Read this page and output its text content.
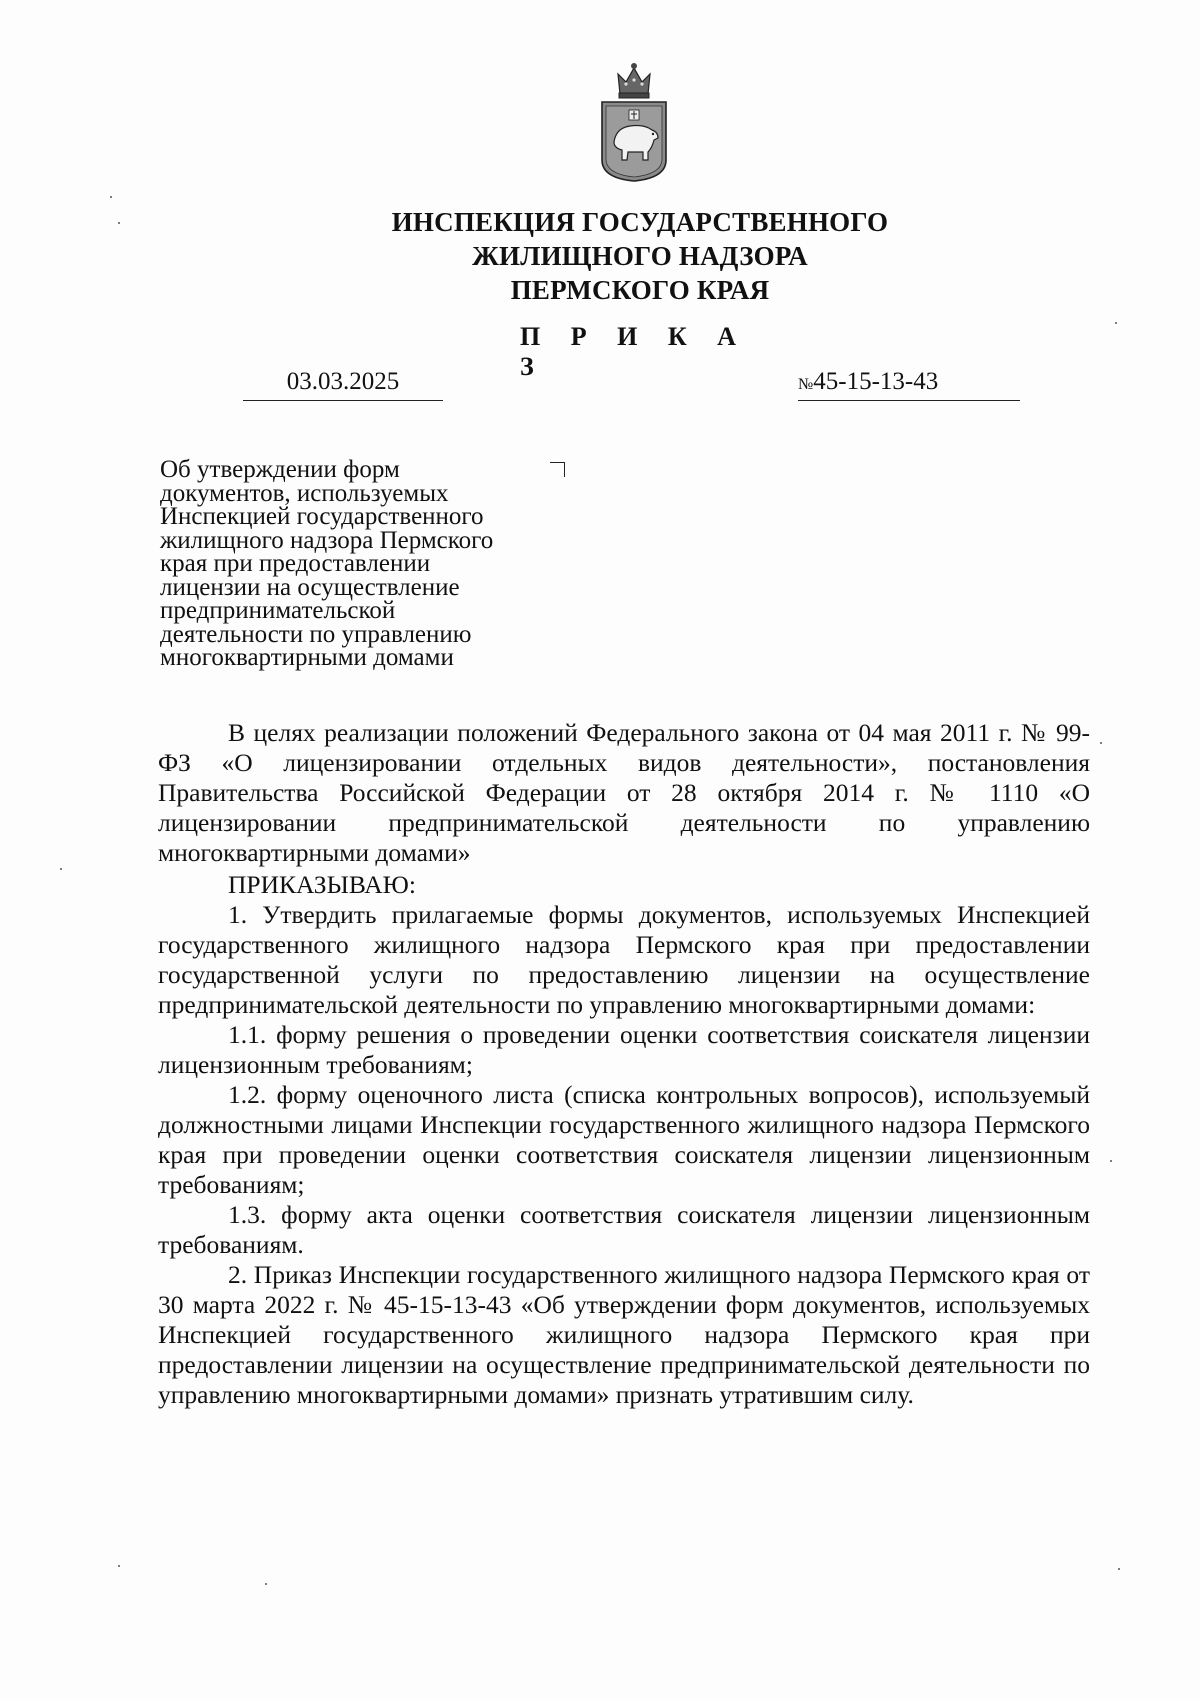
ИНСПЕКЦИЯ ГОСУДАРСТВЕННОГО
ЖИЛИЩНОГО НАДЗОРА
ПЕРМСКОГО КРАЯ
П Р И К А З
03.03.2025	№45-15-13-43
Об утверждении форм
документов, используемых
Инспекцией государственного
жилищного надзора Пермского
края при предоставлении
лицензии на осуществление
предпринимательской
деятельности по управлению
многоквартирными домами

В целях реализации положений Федерального закона от 04 мая 2011 г. № 99-ФЗ «О лицензировании отдельных видов деятельности», постановления Правительства Российской Федерации от 28 октября 2014 г. № 1110 «О лицензировании предпринимательской деятельности по управлению многоквартирными домами»

ПРИКАЗЫВАЮ:

1. Утвердить прилагаемые формы документов, используемых Инспекцией государственного жилищного надзора Пермского края при предоставлении государственной услуги по предоставлению лицензии на осуществление предпринимательской деятельности по управлению многоквартирными домами:

1.1. форму решения о проведении оценки соответствия соискателя лицензии лицензионным требованиям;

1.2. форму оценочного листа (списка контрольных вопросов), используемый должностными лицами Инспекции государственного жилищного надзора Пермского края при проведении оценки соответствия соискателя лицензии лицензионным требованиям;

1.3. форму акта оценки соответствия соискателя лицензии лицензионным требованиям.

2. Приказ Инспекции государственного жилищного надзора Пермского края от 30 марта 2022 г. № 45-15-13-43 «Об утверждении форм документов, используемых Инспекцией государственного жилищного надзора Пермского края при предоставлении лицензии на осуществление предпринимательской деятельности по управлению многоквартирными домами» признать утратившим силу.
